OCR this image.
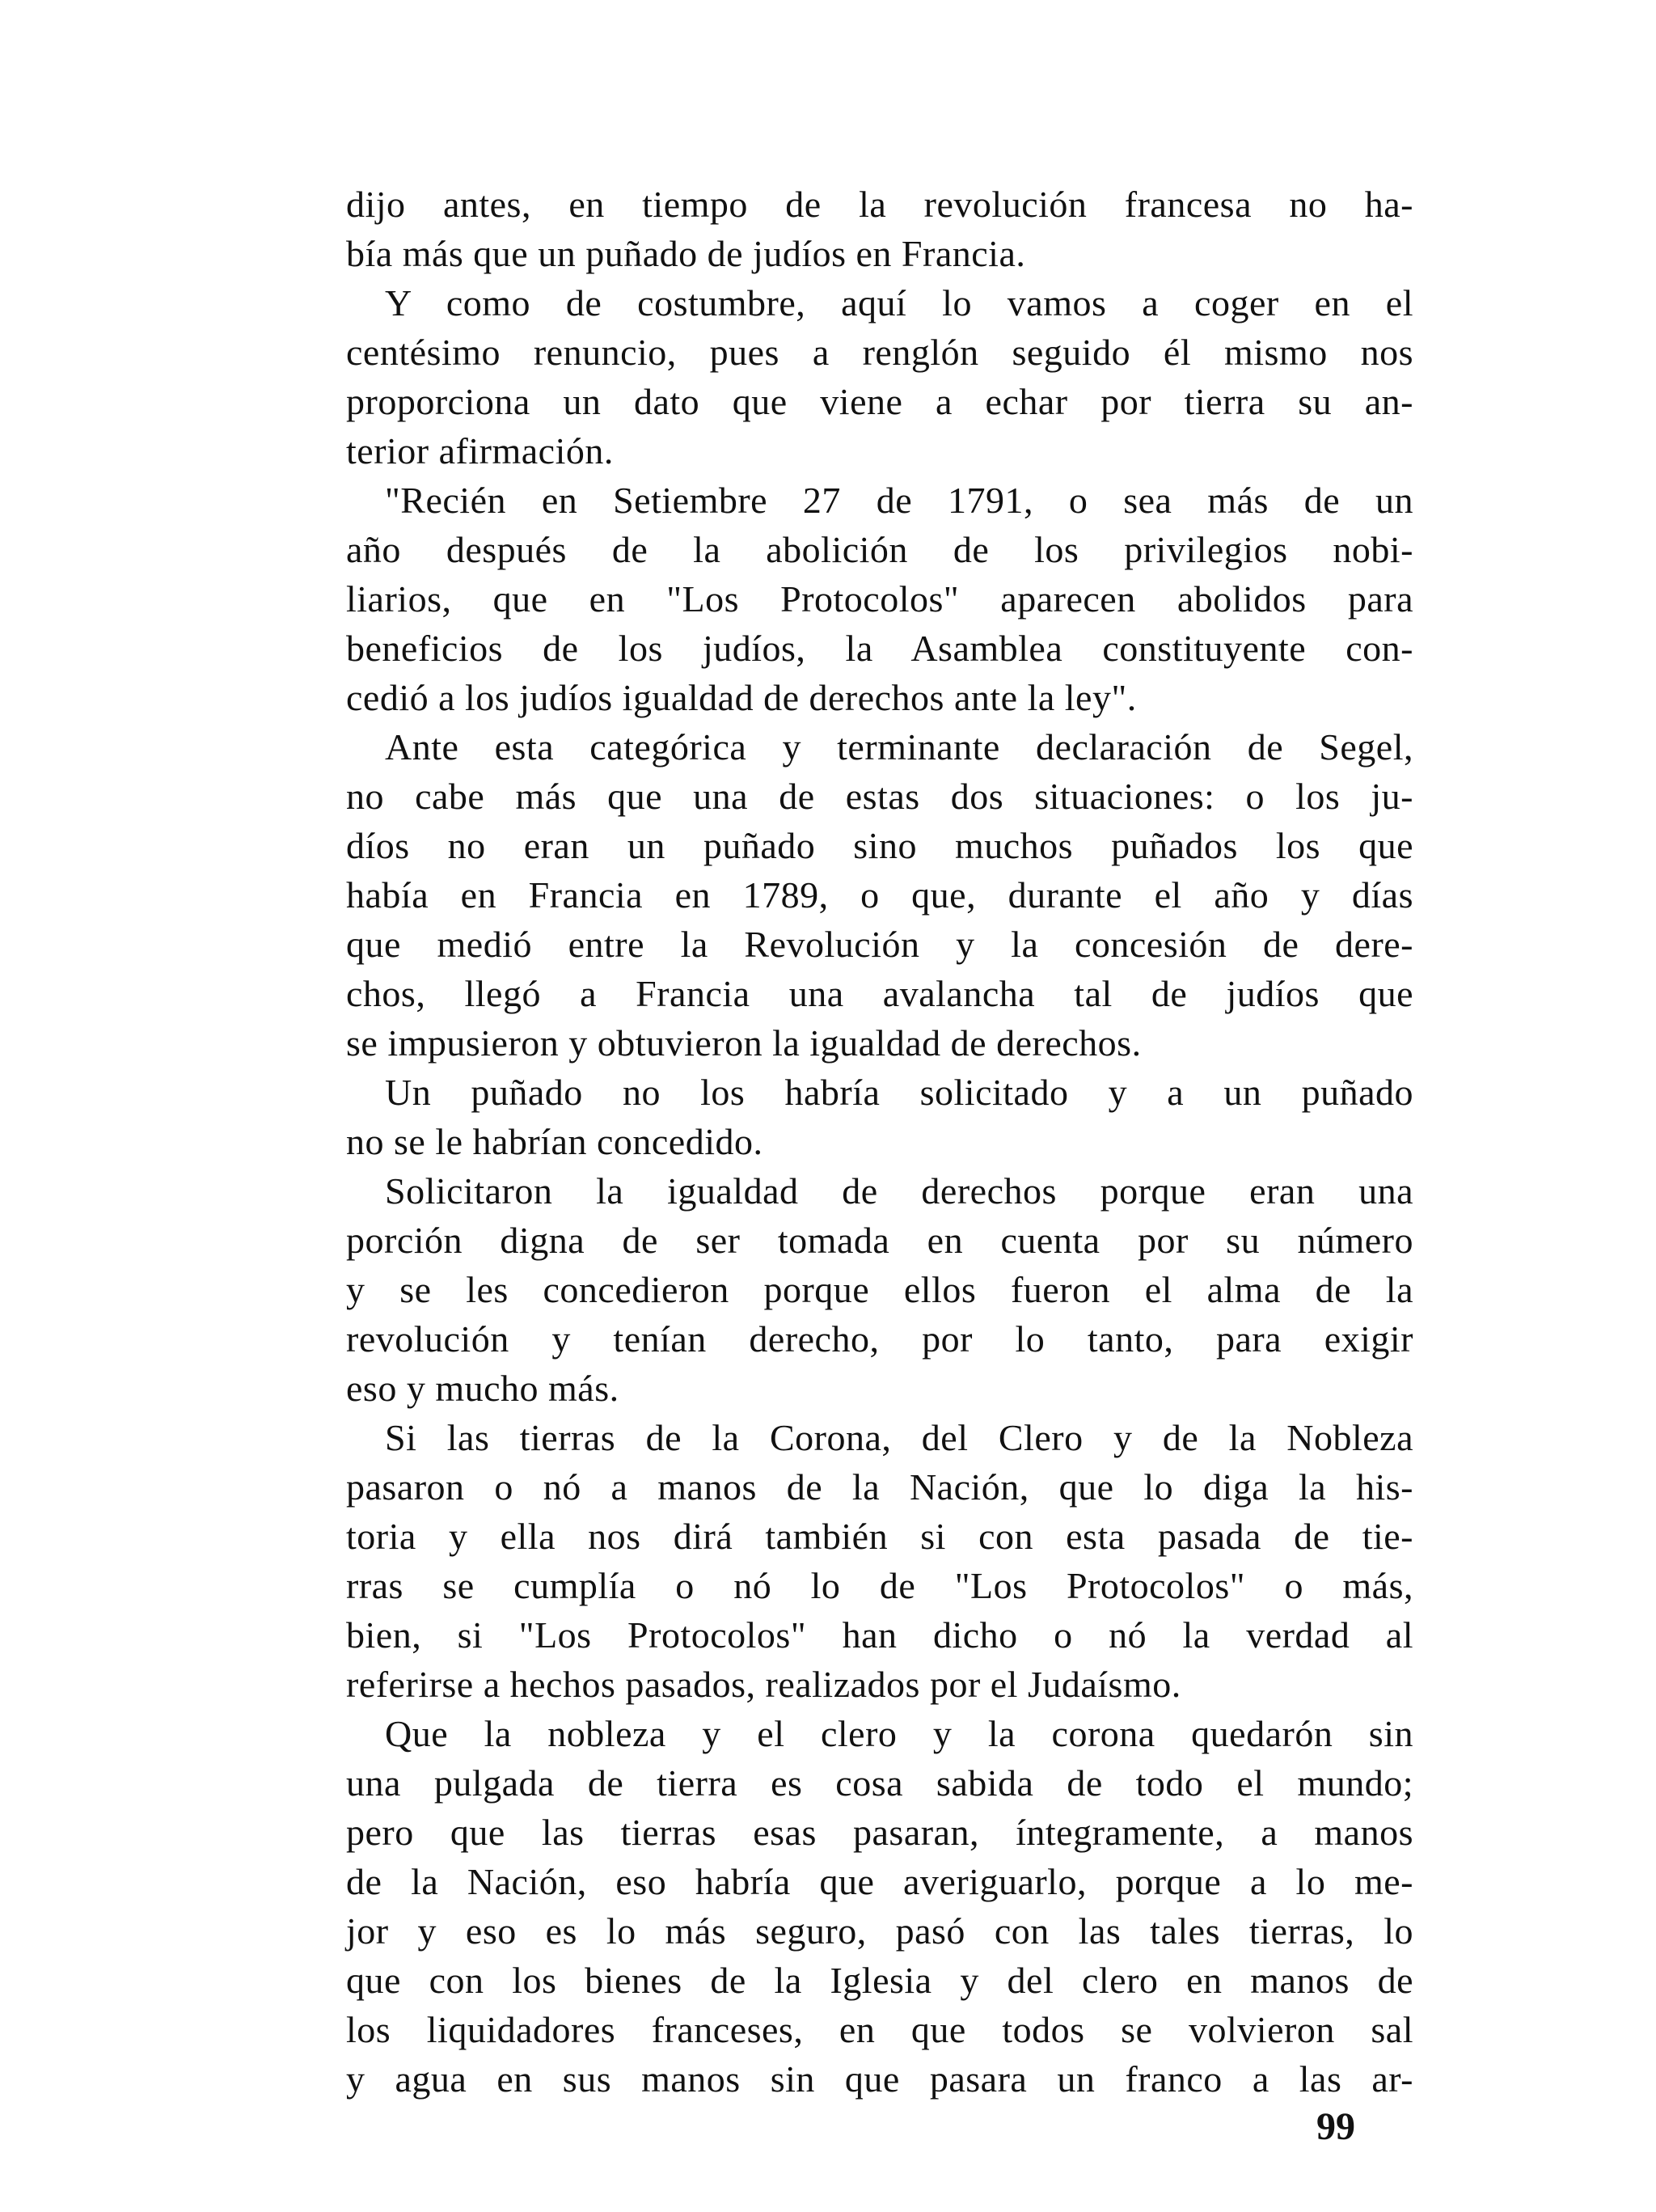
dijo antes, en tiempo de la revolución francesa no ha-
bía más que un puñado de judíos en Francia.
Y como de costumbre, aquí lo vamos a coger en el
centésimo renuncio, pues a renglón seguido él mismo nos
proporciona un dato que viene a echar por tierra su an-
terior afirmación.
"Recién en Setiembre 27 de 1791, o sea más de un
año después de la abolición de los privilegios nobi-
liarios, que en "Los Protocolos" aparecen abolidos para
beneficios de los judíos, la Asamblea constituyente con-
cedió a los judíos igualdad de derechos ante la ley".
Ante esta categórica y terminante declaración de Segel,
no cabe más que una de estas dos situaciones: o los ju-
díos no eran un puñado sino muchos puñados los que
había en Francia en 1789, o que, durante el año y días
que medió entre la Revolución y la concesión de dere-
chos, llegó a Francia una avalancha tal de judíos que
se impusieron y obtuvieron la igualdad de derechos.
Un puñado no los habría solicitado y a un puñado
no se le habrían concedido.
Solicitaron la igualdad de derechos porque eran una
porción digna de ser tomada en cuenta por su número
y se les concedieron porque ellos fueron el alma de la
revolución y tenían derecho, por lo tanto, para exigir
eso y mucho más.
Si las tierras de la Corona, del Clero y de la Nobleza
pasaron o nó a manos de la Nación, que lo diga la his-
toria y ella nos dirá también si con esta pasada de tie-
rras se cumplía o nó lo de "Los Protocolos" o más,
bien, si "Los Protocolos" han dicho o nó la verdad al
referirse a hechos pasados, realizados por el Judaísmo.
Que la nobleza y el clero y la corona quedarón sin
una pulgada de tierra es cosa sabida de todo el mundo;
pero que las tierras esas pasaran, íntegramente, a manos
de la Nación, eso habría que averiguarlo, porque a lo me-
jor y eso es lo más seguro, pasó con las tales tierras, lo
que con los bienes de la Iglesia y del clero en manos de
los liquidadores franceses, en que todos se volvieron sal
y agua en sus manos sin que pasara un franco a las ar-
99
